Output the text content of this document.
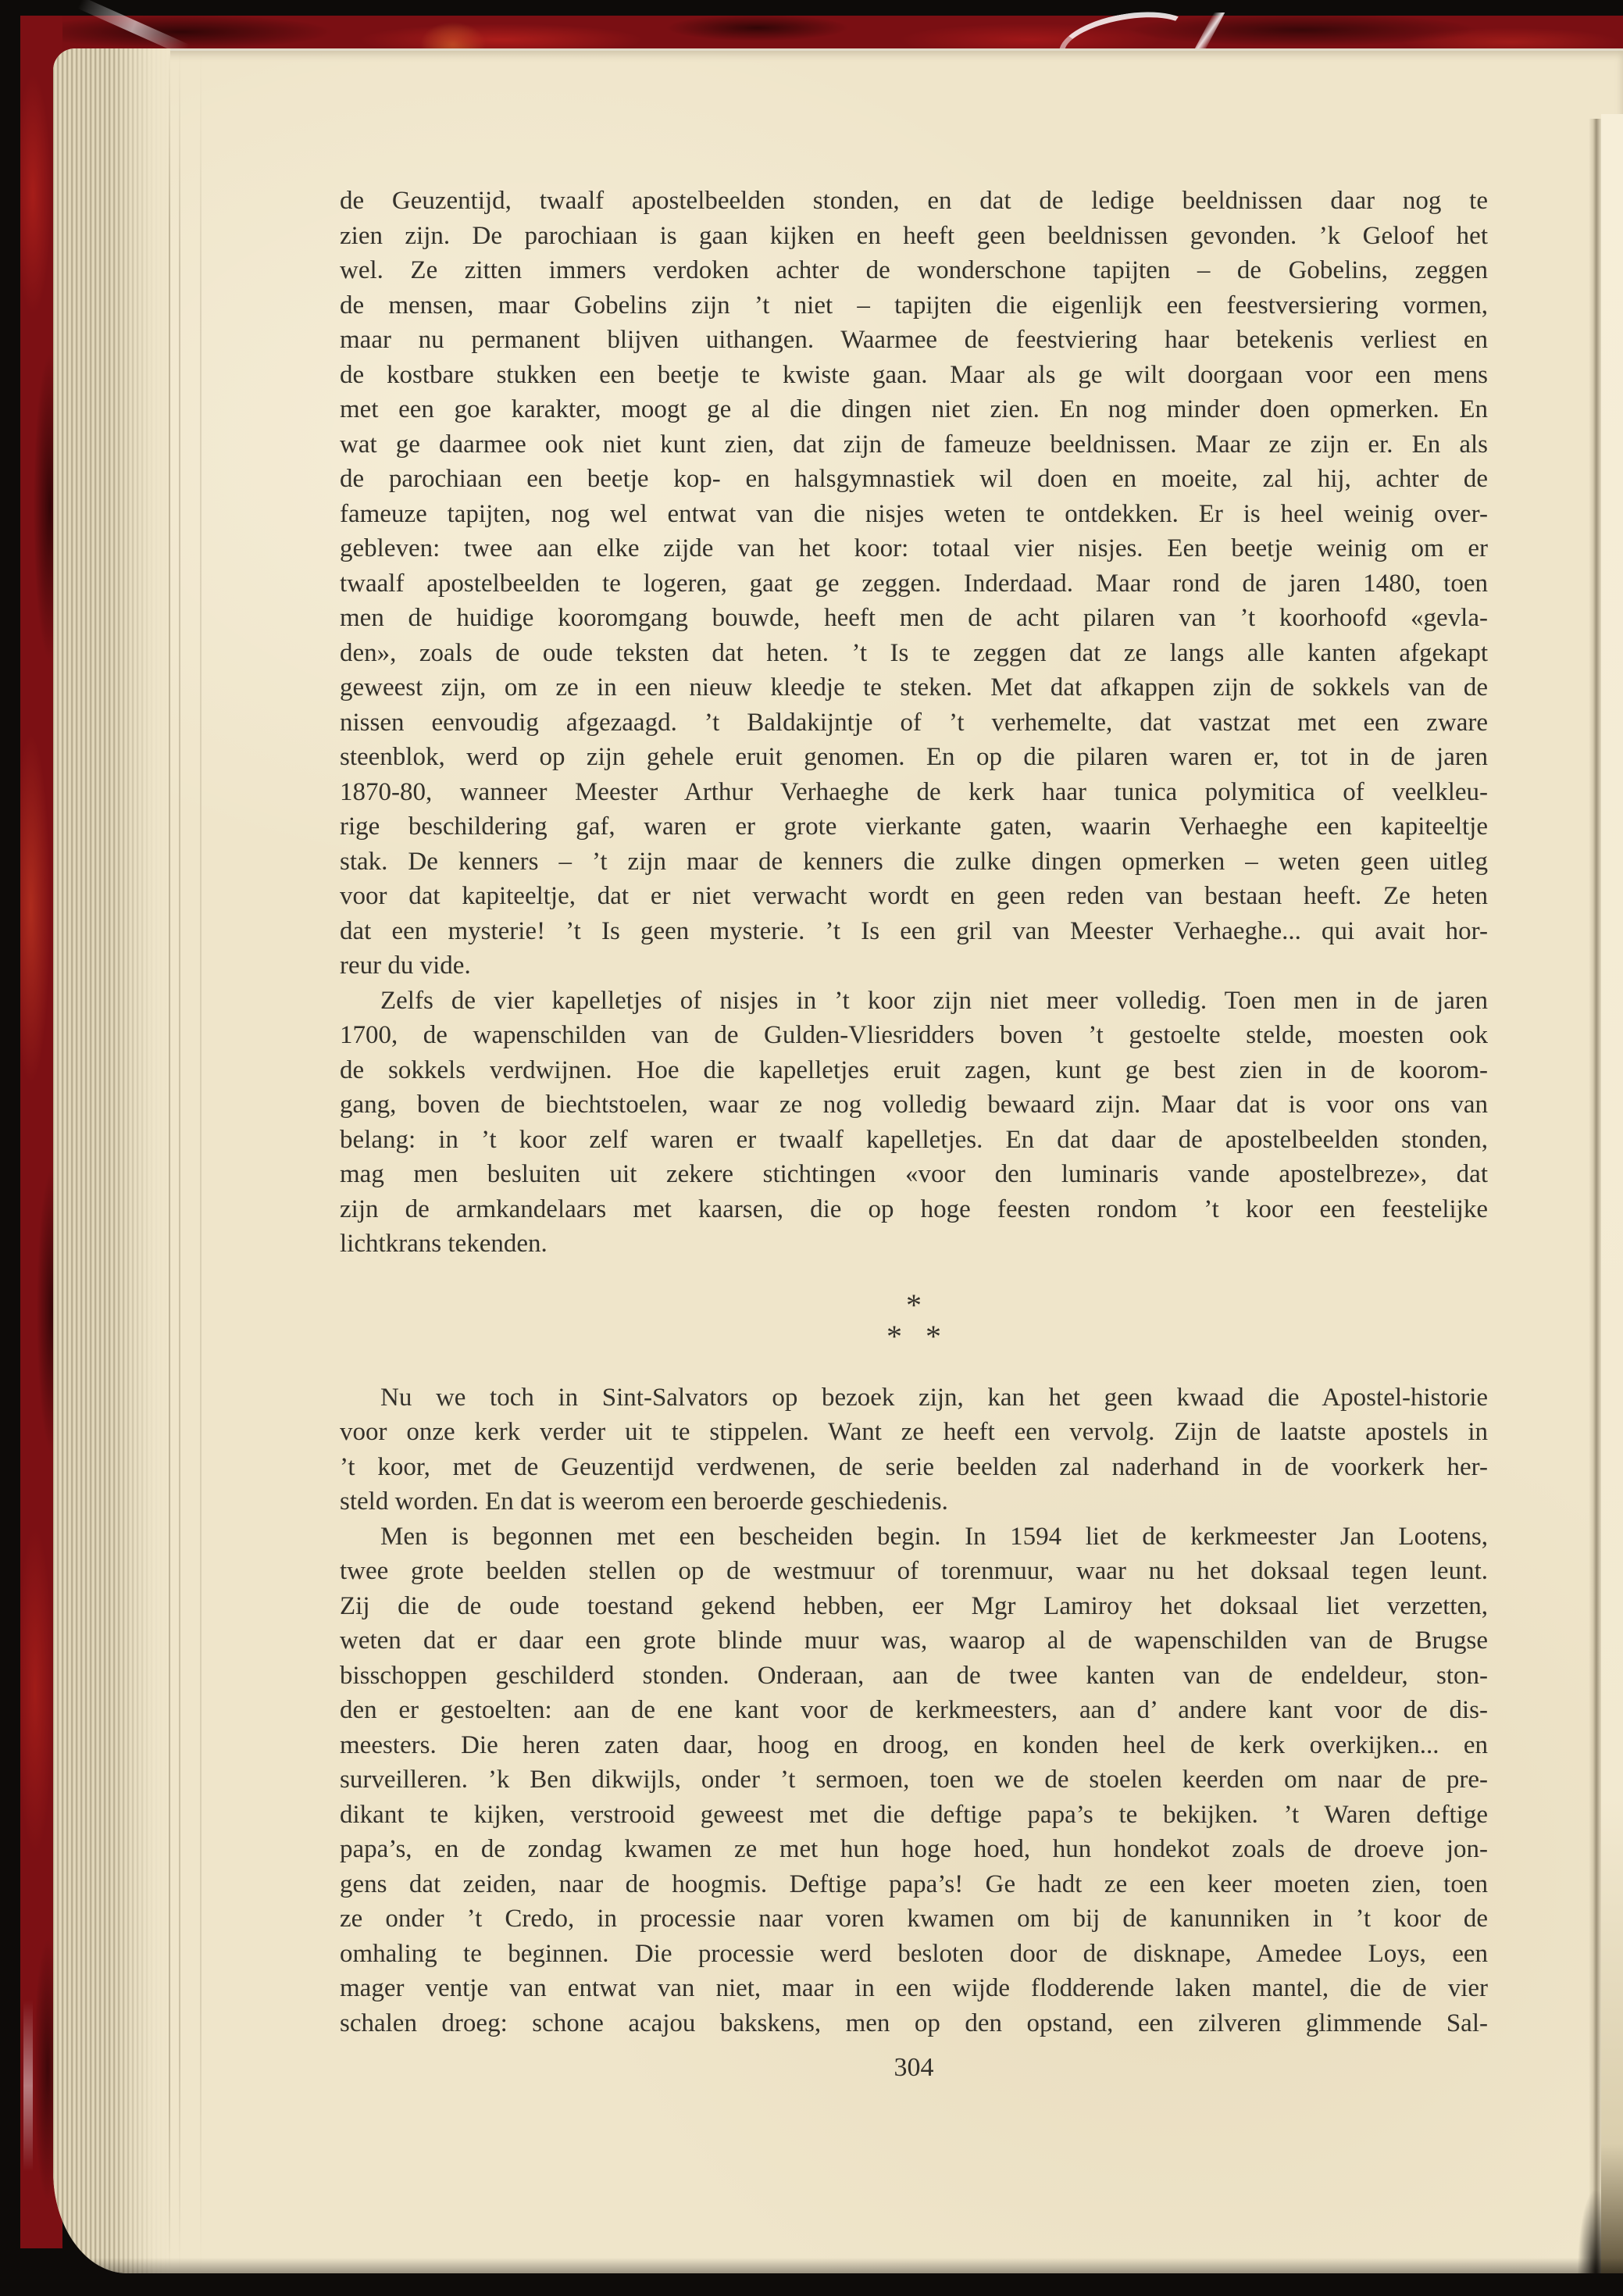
de Geuzentijd, twaalf apostelbeelden stonden, en dat de ledige beeldnissen daar nog te
zien zijn. De parochiaan is gaan kijken en heeft geen beeldnissen gevonden. ’k Geloof het
wel. Ze zitten immers verdoken achter de wonderschone tapijten – de Gobelins, zeggen
de mensen, maar Gobelins zijn ’t niet – tapijten die eigenlijk een feestversiering vormen,
maar nu permanent blijven uithangen. Waarmee de feestviering haar betekenis verliest en
de kostbare stukken een beetje te kwiste gaan. Maar als ge wilt doorgaan voor een mens
met een goe karakter, moogt ge al die dingen niet zien. En nog minder doen opmerken. En
wat ge daarmee ook niet kunt zien, dat zijn de fameuze beeldnissen. Maar ze zijn er. En als
de parochiaan een beetje kop- en halsgymnastiek wil doen en moeite, zal hij, achter de
fameuze tapijten, nog wel entwat van die nisjes weten te ontdekken. Er is heel weinig over-
gebleven: twee aan elke zijde van het koor: totaal vier nisjes. Een beetje weinig om er
twaalf apostelbeelden te logeren, gaat ge zeggen. Inderdaad. Maar rond de jaren 1480, toen
men de huidige kooromgang bouwde, heeft men de acht pilaren van ’t koorhoofd «gevla-
den», zoals de oude teksten dat heten. ’t Is te zeggen dat ze langs alle kanten afgekapt
geweest zijn, om ze in een nieuw kleedje te steken. Met dat afkappen zijn de sokkels van de
nissen eenvoudig afgezaagd. ’t Baldakijntje of ’t verhemelte, dat vastzat met een zware
steenblok, werd op zijn gehele eruit genomen. En op die pilaren waren er, tot in de jaren
1870-80, wanneer Meester Arthur Verhaeghe de kerk haar tunica polymitica of veelkleu-
rige beschildering gaf, waren er grote vierkante gaten, waarin Verhaeghe een kapiteeltje
stak. De kenners – ’t zijn maar de kenners die zulke dingen opmerken – weten geen uitleg
voor dat kapiteeltje, dat er niet verwacht wordt en geen reden van bestaan heeft. Ze heten
dat een mysterie! ’t Is geen mysterie. ’t Is een gril van Meester Verhaeghe... qui avait hor-
reur du vide.
Zelfs de vier kapelletjes of nisjes in ’t koor zijn niet meer volledig. Toen men in de jaren
1700, de wapenschilden van de Gulden-Vliesridders boven ’t gestoelte stelde, moesten ook
de sokkels verdwijnen. Hoe die kapelletjes eruit zagen, kunt ge best zien in de koorom-
gang, boven de biechtstoelen, waar ze nog volledig bewaard zijn. Maar dat is voor ons van
belang: in ’t koor zelf waren er twaalf kapelletjes. En dat daar de apostelbeelden stonden,
mag men besluiten uit zekere stichtingen «voor den luminaris vande apostelbreze», dat
zijn de armkandelaars met kaarsen, die op hoge feesten rondom ’t koor een feestelijke
lichtkrans tekenden.
*
* *
Nu we toch in Sint-Salvators op bezoek zijn, kan het geen kwaad die Apostel-historie
voor onze kerk verder uit te stippelen. Want ze heeft een vervolg. Zijn de laatste apostels in
’t koor, met de Geuzentijd verdwenen, de serie beelden zal naderhand in de voorkerk her-
steld worden. En dat is weerom een beroerde geschiedenis.
Men is begonnen met een bescheiden begin. In 1594 liet de kerkmeester Jan Lootens,
twee grote beelden stellen op de westmuur of torenmuur, waar nu het doksaal tegen leunt.
Zij die de oude toestand gekend hebben, eer Mgr Lamiroy het doksaal liet verzetten,
weten dat er daar een grote blinde muur was, waarop al de wapenschilden van de Brugse
bisschoppen geschilderd stonden. Onderaan, aan de twee kanten van de endeldeur, ston-
den er gestoelten: aan de ene kant voor de kerkmeesters, aan d’ andere kant voor de dis-
meesters. Die heren zaten daar, hoog en droog, en konden heel de kerk overkijken... en
surveilleren. ’k Ben dikwijls, onder ’t sermoen, toen we de stoelen keerden om naar de pre-
dikant te kijken, verstrooid geweest met die deftige papa’s te bekijken. ’t Waren deftige
papa’s, en de zondag kwamen ze met hun hoge hoed, hun hondekot zoals de droeve jon-
gens dat zeiden, naar de hoogmis. Deftige papa’s! Ge hadt ze een keer moeten zien, toen
ze onder ’t Credo, in processie naar voren kwamen om bij de kanunniken in ’t koor de
omhaling te beginnen. Die processie werd besloten door de disknape, Amedee Loys, een
mager ventje van entwat van niet, maar in een wijde flodderende laken mantel, die de vier
schalen droeg: schone acajou bakskens, men op den opstand, een zilveren glimmende Sal-
304
